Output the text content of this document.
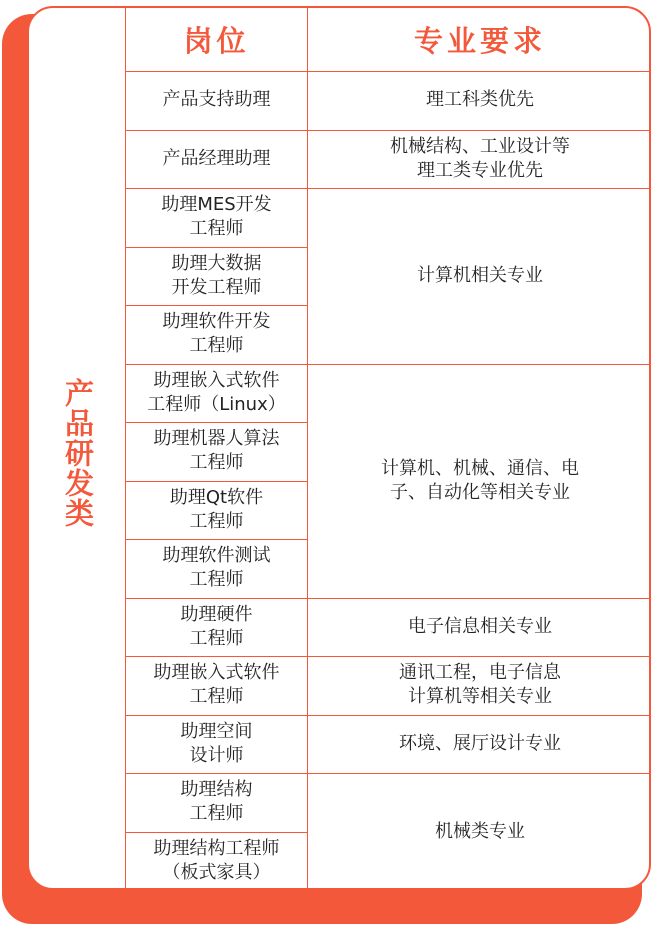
产品研发类
岗位	专业要求
产品支持助理
产品经理助理
助理MES开发
工程师
助理大数据
开发工程师
助理软件开发
工程师
助理嵌入式软件
工程师（Linux）
助理机器人算法
工程师
助理Qt软件
工程师
助理软件测试
工程师
助理硬件
工程师
助理嵌入式软件
工程师
助理空间
设计师
助理结构
工程师
助理结构工程师
（板式家具）
理工科类优先
机械结构、工业设计等
理工类专业优先
计算机相关专业
计算机、机械、通信、电
子、自动化等相关专业
电子信息相关专业
通讯工程，电子信息
计算机等相关专业
环境、展厅设计专业
机械类专业
